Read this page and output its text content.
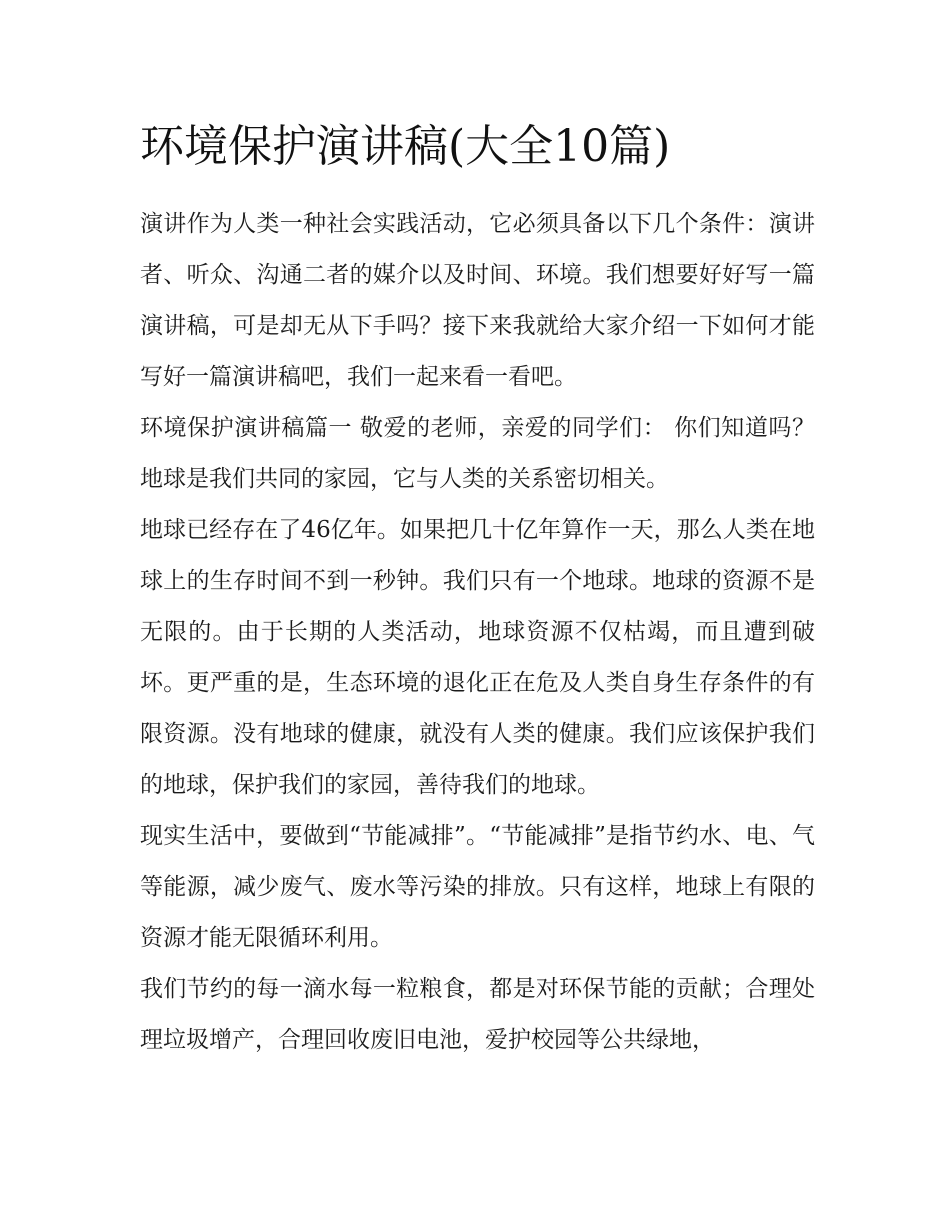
环境保护演讲稿(大全10篇)

演讲作为人类一种社会实践活动，它必须具备以下几个条件：演讲者、听众、沟通二者的媒介以及时间、环境。我们想要好好写一篇演讲稿，可是却无从下手吗？接下来我就给大家介绍一下如何才能写好一篇演讲稿吧，我们一起来看一看吧。

环境保护演讲稿篇一 敬爱的老师，亲爱的同学们： 你们知道吗？地球是我们共同的家园，它与人类的关系密切相关。

地球已经存在了46亿年。如果把几十亿年算作一天，那么人类在地球上的生存时间不到一秒钟。我们只有一个地球。地球的资源不是无限的。由于长期的人类活动，地球资源不仅枯竭，而且遭到破坏。更严重的是，生态环境的退化正在危及人类自身生存条件的有限资源。没有地球的健康，就没有人类的健康。我们应该保护我们的地球，保护我们的家园，善待我们的地球。

现实生活中，要做到“节能减排”。“节能减排”是指节约水、电、气等能源，减少废气、废水等污染的排放。只有这样，地球上有限的资源才能无限循环利用。

我们节约的每一滴水每一粒粮食，都是对环保节能的贡献；合理处理垃圾增产，合理回收废旧电池，爱护校园等公共绿地，
